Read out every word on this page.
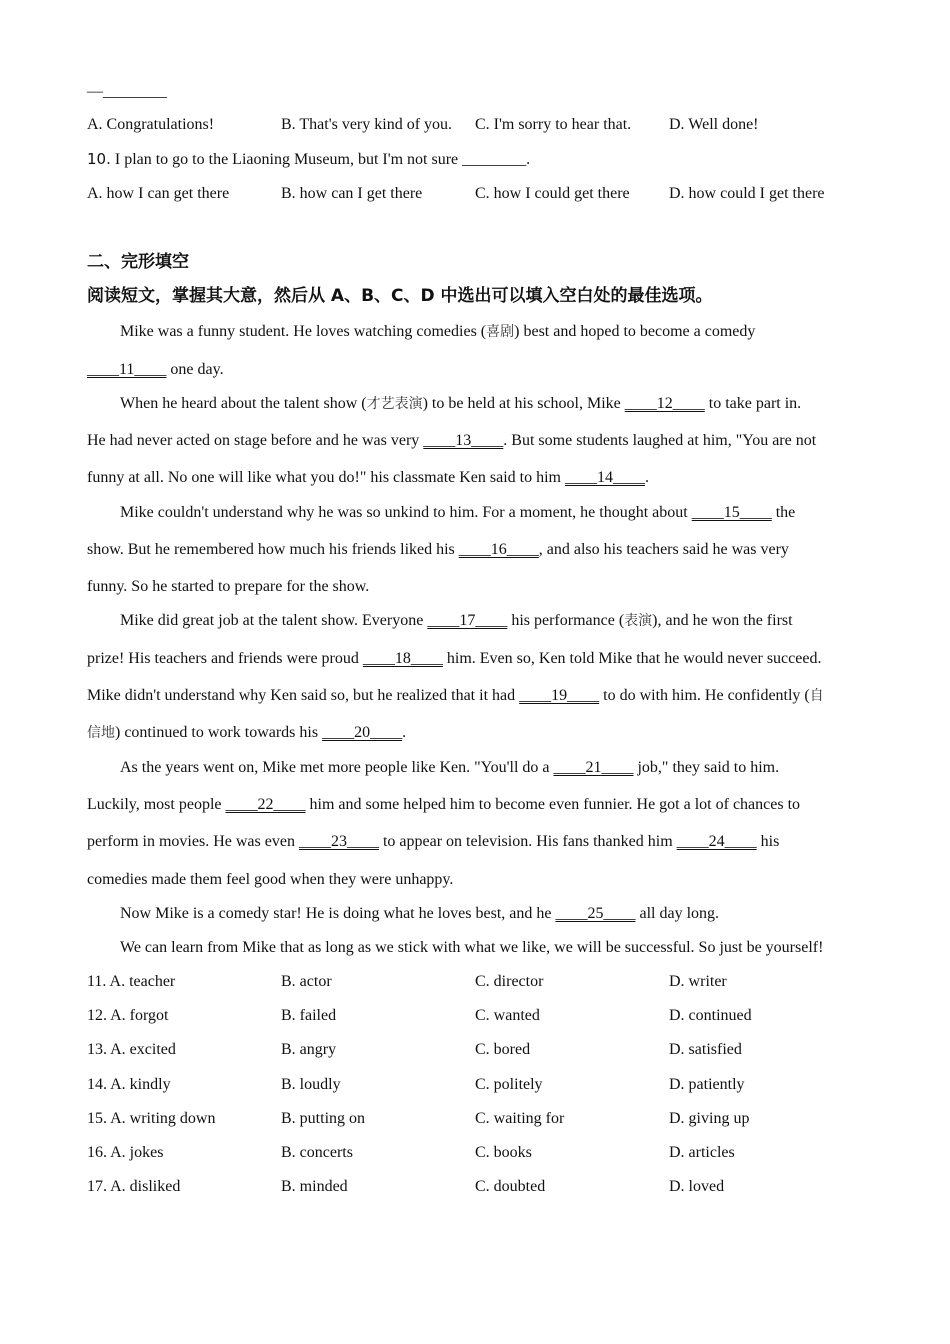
—________
A. Congratulations!	B. That's very kind of you. C. I'm sorry to hear that. D. Well done!
10. I plan to go to the Liaoning Museum, but I'm not sure ________.
A. how I can get there	B. how can I get there	C. how I could get there D. how could I get there
二、完形填空
阅读短文，掌握其大意，然后从 A、B、C、D 中选出可以填入空白处的最佳选项。
Mike was a funny student. He loves watching comedies (喜剧) best and hoped to become a comedy
____11____ one day.
When he heard about the talent show (才艺表演) to be held at his school, Mike ____12____ to take part in.
He had never acted on stage before and he was very ____13____. But some students laughed at him, "You are not
funny at all. No one will like what you do!" his classmate Ken said to him ____14____.
Mike couldn't understand why he was so unkind to him. For a moment, he thought about ____15____ the
show. But he remembered how much his friends liked his ____16____, and also his teachers said he was very
funny. So he started to prepare for the show.
Mike did great job at the talent show. Everyone ____17____ his performance (表演), and he won the first
prize! His teachers and friends were proud ____18____ him. Even so, Ken told Mike that he would never succeed.
Mike didn't understand why Ken said so, but he realized that it had ____19____ to do with him. He confidently (自
信地) continued to work towards his ____20____.
As the years went on, Mike met more people like Ken. "You'll do a ____21____ job," they said to him.
Luckily, most people ____22____ him and some helped him to become even funnier. He got a lot of chances to
perform in movies. He was even ____23____ to appear on television. His fans thanked him ____24____ his
comedies made them feel good when they were unhappy.
Now Mike is a comedy star! He is doing what he loves best, and he ____25____ all day long.
We can learn from Mike that as long as we stick with what we like, we will be successful. So just be yourself!
11. A. teacher	B. actor	C. director	D. writer
12. A. forgot	B. failed	C. wanted	D. continued
13. A. excited	B. angry	C. bored	D. satisfied
14. A. kindly	B. loudly	C. politely	D. patiently
15. A. writing down	B. putting on	C. waiting for	D. giving up
16. A. jokes	B. concerts	C. books	D. articles
17. A. disliked	B. minded	C. doubted	D. loved
